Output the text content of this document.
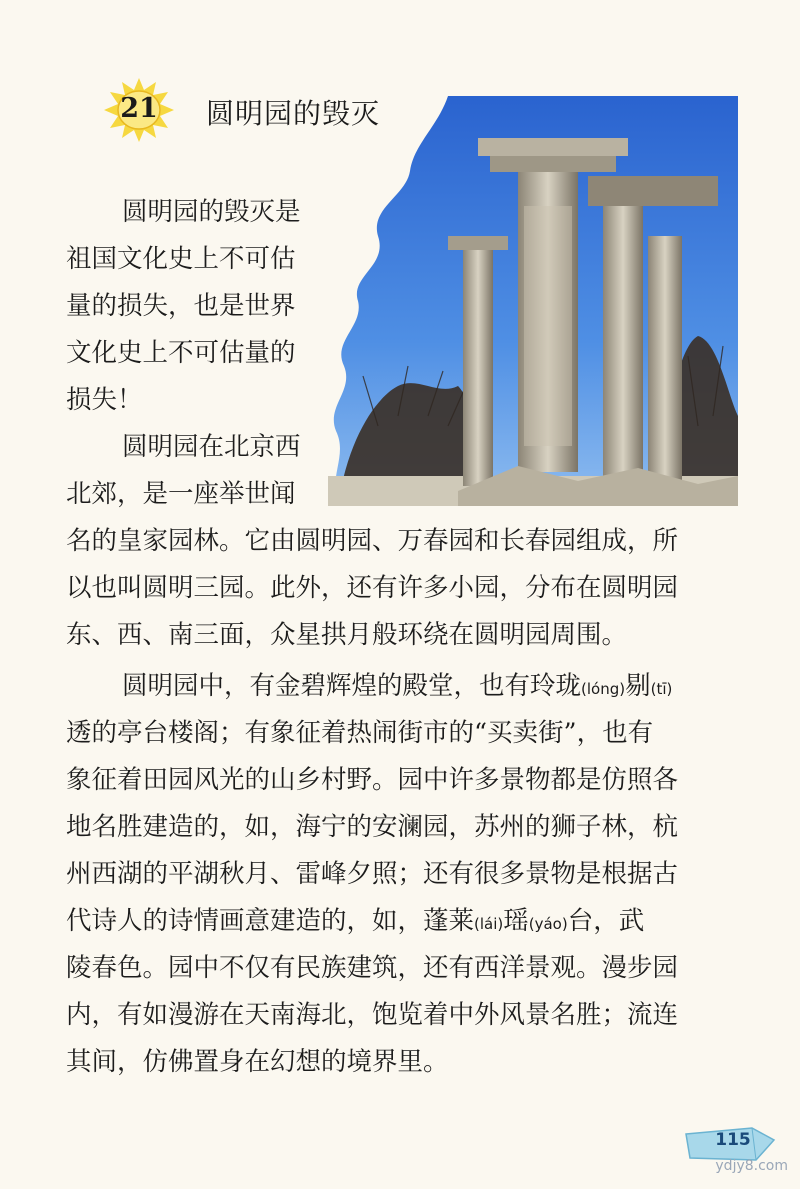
21	圆明园的毁灭
圆明园的毁灭是
祖国文化史上不可估
量的损失，也是世界
文化史上不可估量的
损失！
圆明园在北京西
北郊，是一座举世闻
名的皇家园林。它由圆明园、万春园和长春园组成，所
以也叫圆明三园。此外，还有许多小园，分布在圆明园
东、西、南三面，众星拱月般环绕在圆明园周围。
圆明园中，有金碧辉煌的殿堂，也有玲珑(lóng)剔(tī)
透的亭台楼阁；有象征着热闹街市的“买卖街”，也有
象征着田园风光的山乡村野。园中许多景物都是仿照各
地名胜建造的，如，海宁的安澜园，苏州的狮子林，杭
州西湖的平湖秋月、雷峰夕照；还有很多景物是根据古
代诗人的诗情画意建造的，如，蓬莱(lái)瑶(yáo)台，武
陵春色。园中不仅有民族建筑，还有西洋景观。漫步园
内，有如漫游在天南海北，饱览着中外风景名胜；流连
其间，仿佛置身在幻想的境界里。
115
ydjy8.com
